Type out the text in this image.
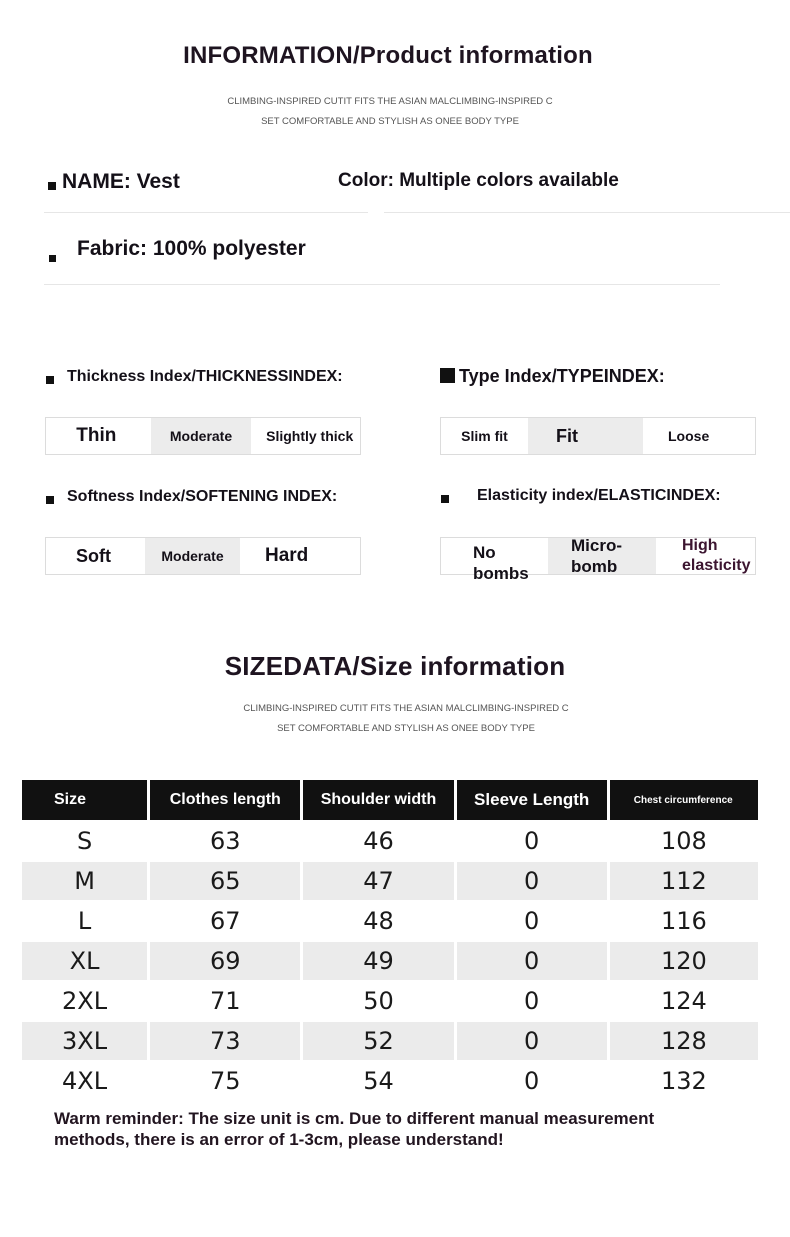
INFORMATION/Product information
CLIMBING-INSPIRED CUTIT FITS THE ASIAN MALCLIMBING-INSPIRED C
SET COMFORTABLE AND STYLISH AS ONEE BODY TYPE
NAME: Vest	Color: Multiple colors available
Fabric: 100% polyester
Thickness Index/THICKNESSINDEX:
Thin	Moderate	Slightly thick
Type Index/TYPEINDEX:
Slim fit	Fit	Loose
Softness Index/SOFTENING INDEX:
Soft	Moderate	Hard
Elasticity index/ELASTICINDEX:
No bombs
Micro-bomb
High elasticity
SIZEDATA/Size information
CLIMBING-INSPIRED CUTIT FITS THE ASIAN MALCLIMBING-INSPIRED C
SET COMFORTABLE AND STYLISH AS ONEE BODY TYPE
Size	Clothes length	Shoulder width	Sleeve Length	Chest circumference
S	63	46	0	108
M	65	47	0	112
L	67	48	0	116
XL	69	49	0	120
2XL	71	50	0	124
3XL	73	52	0	128
4XL	75	54	0	132
Warm reminder: The size unit is cm. Due to different manual measurement
methods, there is an error of 1-3cm, please understand!
